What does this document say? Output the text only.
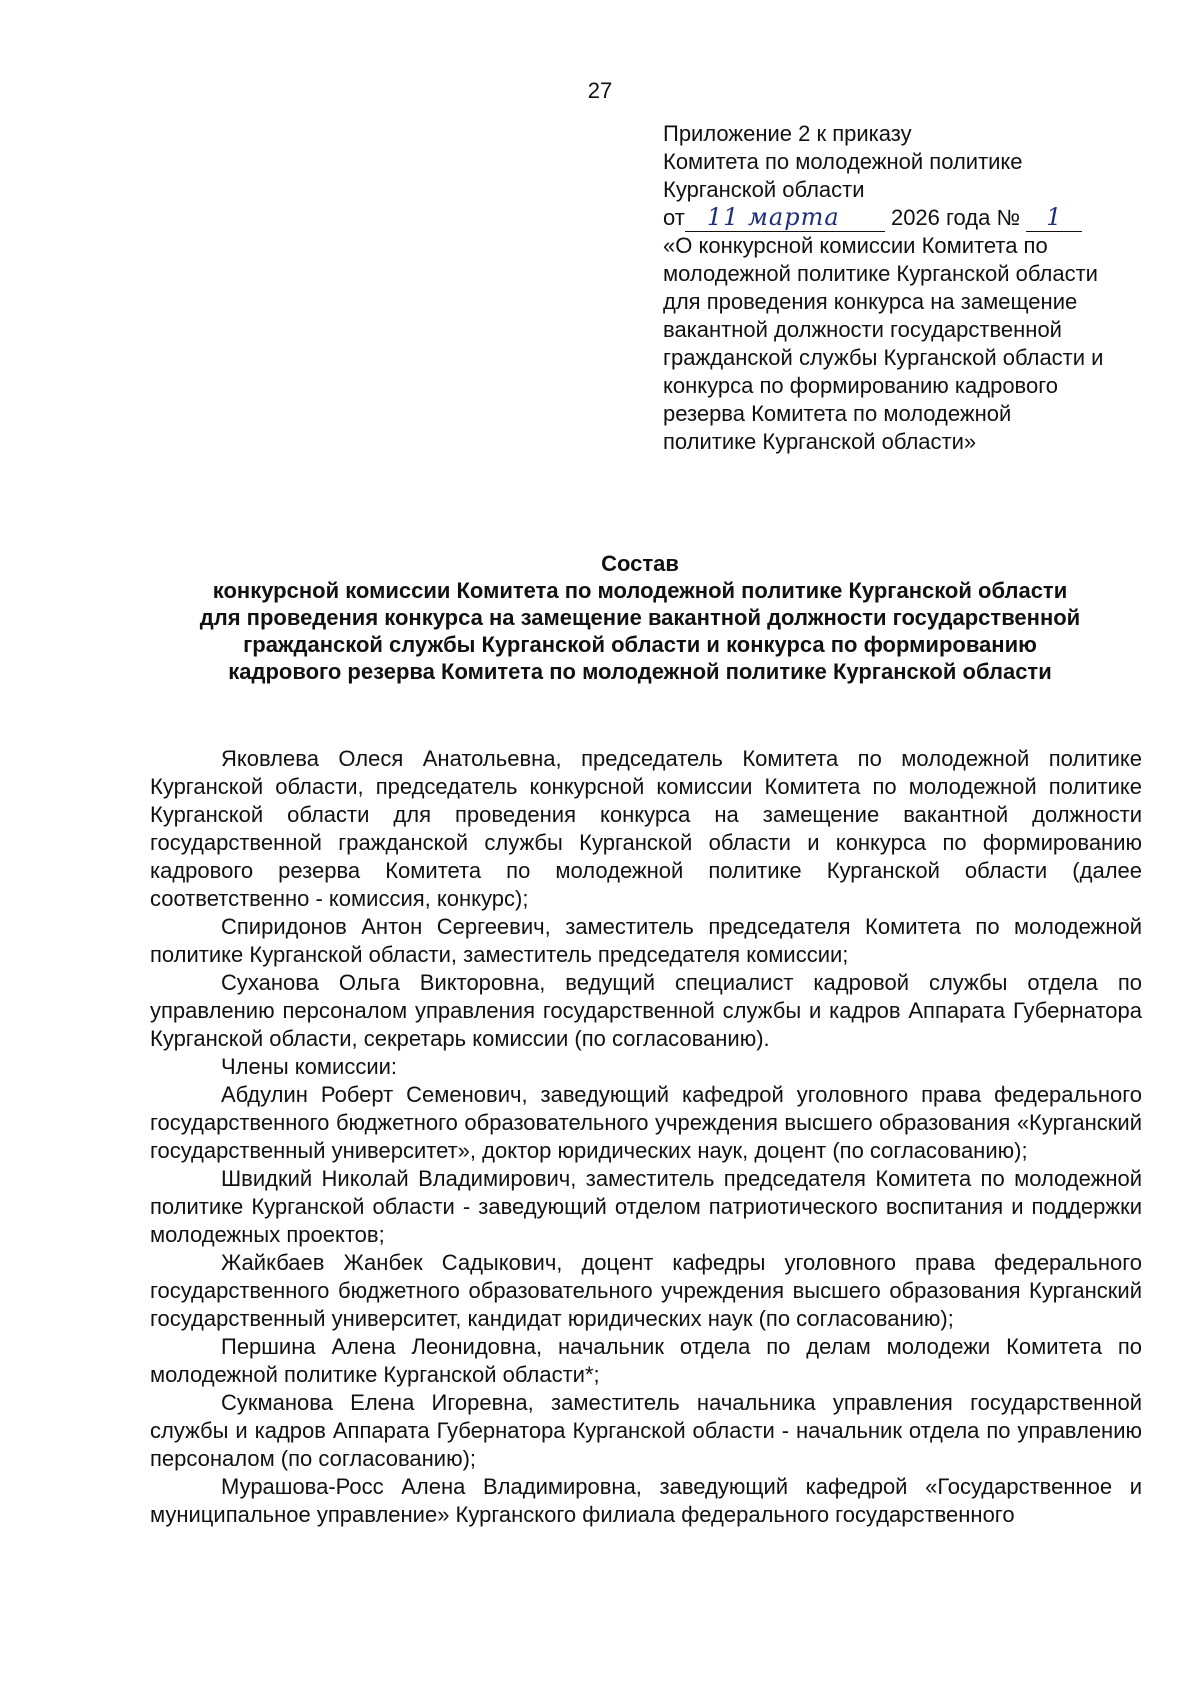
27
Приложение 2 к приказу
Комитета по молодежной политике
Курганской области
от 11 марта 2026 года № 1
«О конкурсной комиссии Комитета по
молодежной политике Курганской области
для проведения конкурса на замещение
вакантной должности государственной
гражданской службы Курганской области и
конкурса по формированию кадрового
резерва Комитета по молодежной
политике Курганской области»
Состав
конкурсной комиссии Комитета по молодежной политике Курганской области
для проведения конкурса на замещение вакантной должности государственной
гражданской службы Курганской области и конкурса по формированию
кадрового резерва Комитета по молодежной политике Курганской области

Яковлева Олеся Анатольевна, председатель Комитета по молодежной политике Курганской области, председатель конкурсной комиссии Комитета по молодежной политике Курганской области для проведения конкурса на замещение вакантной должности государственной гражданской службы Курганской области и конкурса по формированию кадрового резерва Комитета по молодежной политике Курганской области (далее соответственно - комиссия, конкурс);

Спиридонов Антон Сергеевич, заместитель председателя Комитета по молодежной политике Курганской области, заместитель председателя комиссии;

Суханова Ольга Викторовна, ведущий специалист кадровой службы отдела по управлению персоналом управления государственной службы и кадров Аппарата Губернатора Курганской области, секретарь комиссии (по согласованию).

Члены комиссии:

Абдулин Роберт Семенович, заведующий кафедрой уголовного права федерального государственного бюджетного образовательного учреждения высшего образования «Курганский государственный университет», доктор юридических наук, доцент (по согласованию);

Швидкий Николай Владимирович, заместитель председателя Комитета по молодежной политике Курганской области - заведующий отделом патриотического воспитания и поддержки молодежных проектов;

Жайкбаев Жанбек Садыкович, доцент кафедры уголовного права федерального государственного бюджетного образовательного учреждения высшего образования Курганский государственный университет, кандидат юридических наук (по согласованию);

Першина Алена Леонидовна, начальник отдела по делам молодежи Комитета по молодежной политике Курганской области*;

Сукманова Елена Игоревна, заместитель начальника управления государственной службы и кадров Аппарата Губернатора Курганской области - начальник отдела по управлению персоналом (по согласованию);

Мурашова-Росс Алена Владимировна, заведующий кафедрой «Государственное и муниципальное управление» Курганского филиала федерального государственного
